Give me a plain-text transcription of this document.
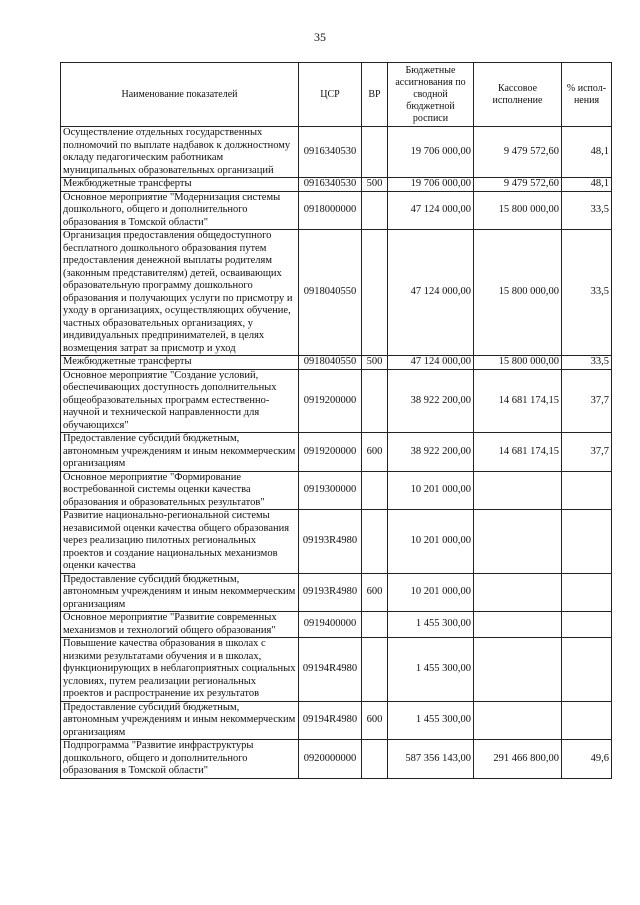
35
Наименование показателей	ЦСР	ВР	Бюджетные ассигнования по сводной бюджетной росписи	Кассовое исполнение	% испол-нения
Осуществление отдельных государственных полномочий по выплате надбавок к должностному окладу педагогическим работникам муниципальных образовательных организаций	0916340530		19 706 000,00	9 479 572,60	48,1
Межбюджетные трансферты	0916340530	500	19 706 000,00	9 479 572,60	48,1
Основное мероприятие "Модернизация системы дошкольного, общего и дополнительного образования в Томской области"	0918000000		47 124 000,00	15 800 000,00	33,5
Организация предоставления общедоступного бесплатного дошкольного образования путем предоставления денежной выплаты родителям (законным представителям) детей, осваивающих образовательную программу дошкольного образования и получающих услуги по присмотру и уходу в организациях, осуществляющих обучение, частных образовательных организациях, у индивидуальных предпринимателей, в целях возмещения затрат за присмотр и уход	0918040550		47 124 000,00	15 800 000,00	33,5
Межбюджетные трансферты	0918040550	500	47 124 000,00	15 800 000,00	33,5
Основное мероприятие "Создание условий, обеспечивающих доступность дополнительных общеобразовательных программ естественно-научной и технической направленности для обучающихся"	0919200000		38 922 200,00	14 681 174,15	37,7
Предоставление субсидий бюджетным, автономным учреждениям и иным некоммерческим организациям	0919200000	600	38 922 200,00	14 681 174,15	37,7
Основное мероприятие "Формирование востребованной системы оценки качества образования и образовательных результатов"	0919300000		10 201 000,00		
Развитие национально-региональной системы независимой оценки качества общего образования через реализацию пилотных региональных проектов и создание национальных механизмов оценки качества	09193R4980		10 201 000,00		
Предоставление субсидий бюджетным, автономным учреждениям и иным некоммерческим организациям	09193R4980	600	10 201 000,00		
Основное мероприятие "Развитие современных механизмов и технологий общего образования"	0919400000		1 455 300,00		
Повышение качества образования в школах с низкими результатами обучения и в школах, функционирующих в неблагоприятных социальных условиях, путем реализации региональных проектов и распространение их результатов	09194R4980		1 455 300,00		
Предоставление субсидий бюджетным, автономным учреждениям и иным некоммерческим организациям	09194R4980	600	1 455 300,00		
Подпрограмма "Развитие инфраструктуры дошкольного, общего и дополнительного образования в Томской области"	0920000000		587 356 143,00	291 466 800,00	49,6
